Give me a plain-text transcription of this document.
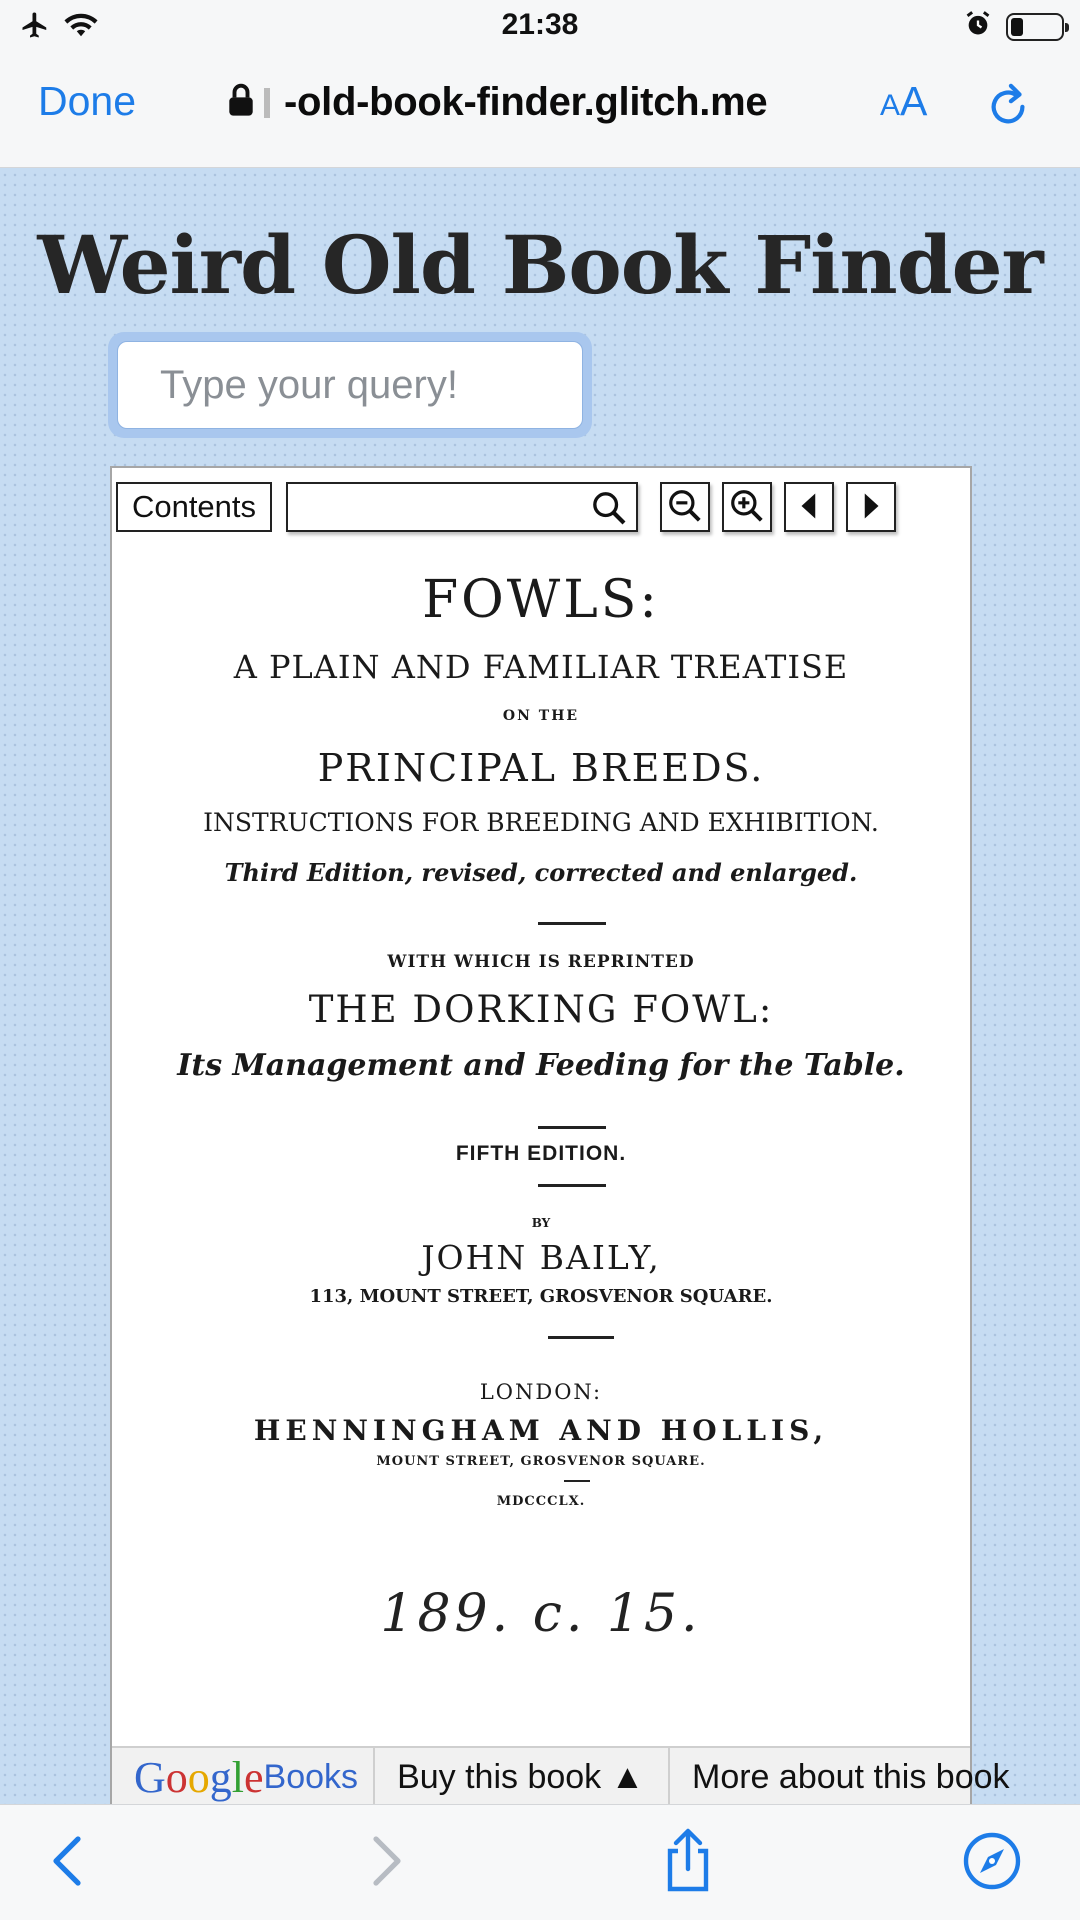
21:38
Done	-old-book-finder.glitch.me	AA
Weird Old Book Finder
Type your query!
Contents
FOWLS:
A PLAIN AND FAMILIAR TREATISE
ON THE
PRINCIPAL BREEDS.
INSTRUCTIONS FOR BREEDING AND EXHIBITION.
Third Edition, revised, corrected and enlarged.
WITH WHICH IS REPRINTED
THE DORKING FOWL:
Its Management and Feeding for the Table.
FIFTH EDITION.
BY
JOHN BAILY,
113, MOUNT STREET, GROSVENOR SQUARE.
LONDON:
HENNINGHAM AND HOLLIS,
MOUNT STREET, GROSVENOR SQUARE.
MDCCCLX.
189. c. 15.
Google Books	Buy this book ▲	More about this book
